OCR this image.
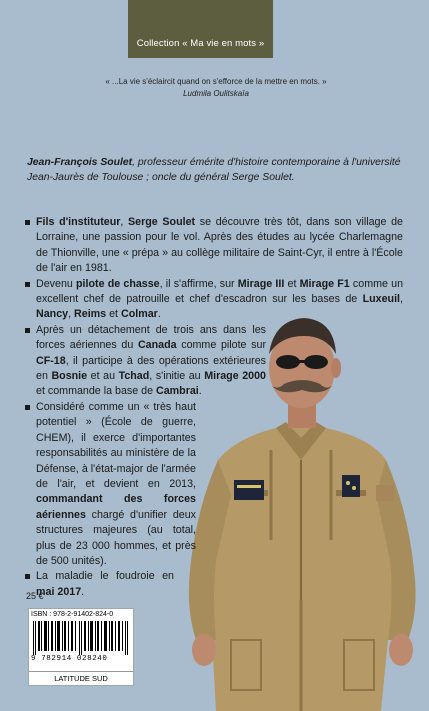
Collection « Ma vie en mots »
« ...La vie s'éclaircit quand on s'efforce de la mettre en mots. »
Ludmila Oulitskaïa
Jean-François Soulet, professeur émérite d'histoire contemporaine à l'université Jean-Jaurès de Toulouse ; oncle du général Serge Soulet.
Fils d'instituteur, Serge Soulet se découvre très tôt, dans son village de Lorraine, une passion pour le vol. Après des études au lycée Charlemagne de Thionville, une « prépa » au collège militaire de Saint-Cyr, il entre à l'École de l'air en 1981.
Devenu pilote de chasse, il s'affirme, sur Mirage III et Mirage F1 comme un excellent chef de patrouille et chef d'escadron sur les bases de Luxeuil, Nancy, Reims et Colmar.
Après un détachement de trois ans dans les forces aériennes du Canada comme pilote sur CF-18, il participe à des opérations extérieures en Bosnie et au Tchad, s'initie au Mirage 2000 et commande la base de Cambrai.
Considéré comme un « très haut potentiel » (École de guerre, CHEM), il exerce d'importantes responsabilités au ministère de la Défense, à l'état-major de l'armée de l'air, et devient en 2013, commandant des forces aériennes chargé d'unifier deux structures majeures (au total, plus de 23 000 hommes, et près de 500 unités).
La maladie le foudroie en mai 2017.
25 €
ISBN : 978-2-91402-824-0
9 782914 028240
LATITUDE SUD
